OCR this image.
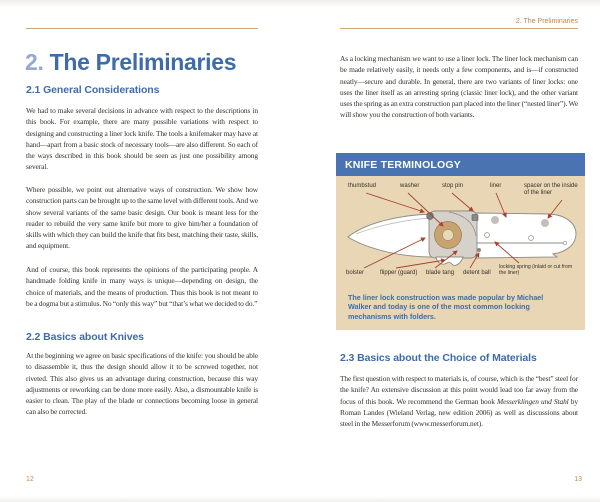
2. The Preliminaries
2.1 General Considerations
We had to make several decisions in advance with respect to the descriptions in this book. For example, there are many possible variations with respect to designing and constructing a liner lock knife. The tools a knifemaker may have at hand—apart from a basic stock of necessary tools—are also different. So each of the ways described in this book should be seen as just one possibility among several.
Where possible, we point out alternative ways of construction. We show how construction parts can be brought up to the same level with different tools. And we show several variants of the same basic design. Our book is meant less for the reader to rebuild the very same knife but more to give him/her a foundation of skills with which they can build the knife that fits best, matching their taste, skills, and equipment.
And of course, this book represents the opinions of the participating people. A handmade folding knife in many ways is unique—depending on design, the choice of materials, and the means of production. Thus this book is not meant to be a dogma but a stimulus. No “only this way” but “that’s what we decided to do.”
2.2 Basics about Knives
At the beginning we agree on basic specifications of the knife: you should be able to disassemble it, thus the design should allow it to be screwed together, not riveted. This also gives us an advantage during construction, because this way adjustments or reworking can be done more easily. Also, a dismountable knife is easier to clean. The play of the blade or connections becoming loose in general can also be corrected.
12
2. The Preliminaries
As a locking mechanism we want to use a liner lock. The liner lock mechanism can be made relatively easily, it needs only a few components, and is—if constructed neatly—secure and durable. In general, there are two variants of liner locks: one uses the liner itself as an arresting spring (classic liner lock), and the other variant uses the spring as an extra construction part placed into the liner (“nested liner”). We will show you the construction of both variants.
KNIFE TERMINOLOGY
thumbstud	washer	stop pin	liner	spacer on the inside of the liner
bolster	flipper (guard) blade tang detent ball
locking spring (inlaid or cut from the liner)
The liner lock construction was made popular by Michael Walker and today is one of the most common locking mechanisms with folders.
2.3 Basics about the Choice of Materials
The first question with respect to materials is, of course, which is the “best” steel for the knife? An extensive discussion at this point would lead too far away from the focus of this book. We recommend the German book Messerklingen und Stahl by Roman Landes (Wieland Verlag, new edition 2006) as well as discussions about steel in the Messerforum (www.messerforum.net).
13
